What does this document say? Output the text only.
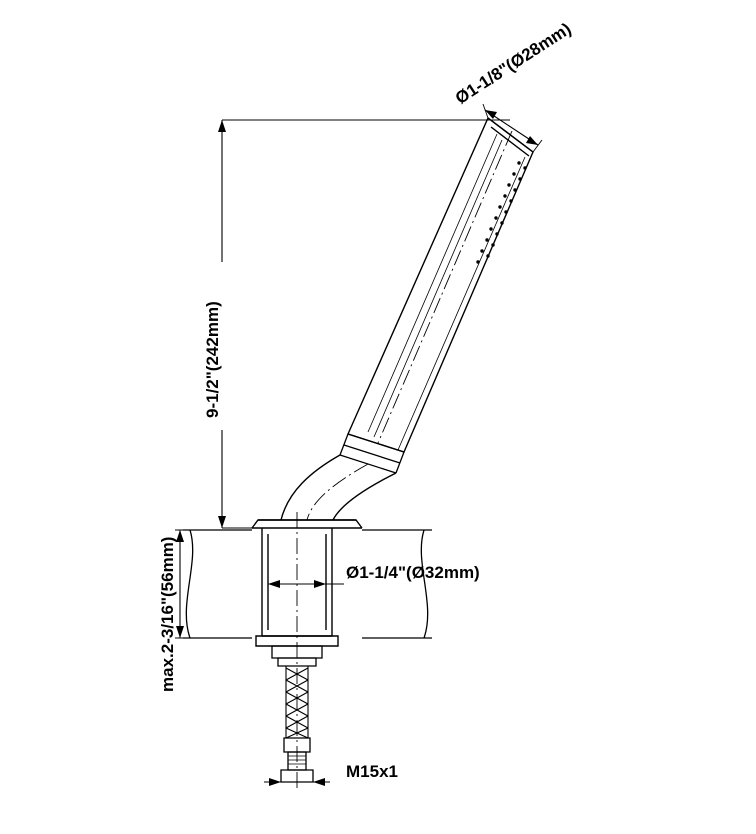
Ø1-1/8"(Ø28mm)
9-1/2"(242mm)
max.2-3/16"(56mm)	Ø1-1/4"(Ø32mm)
M15x1
